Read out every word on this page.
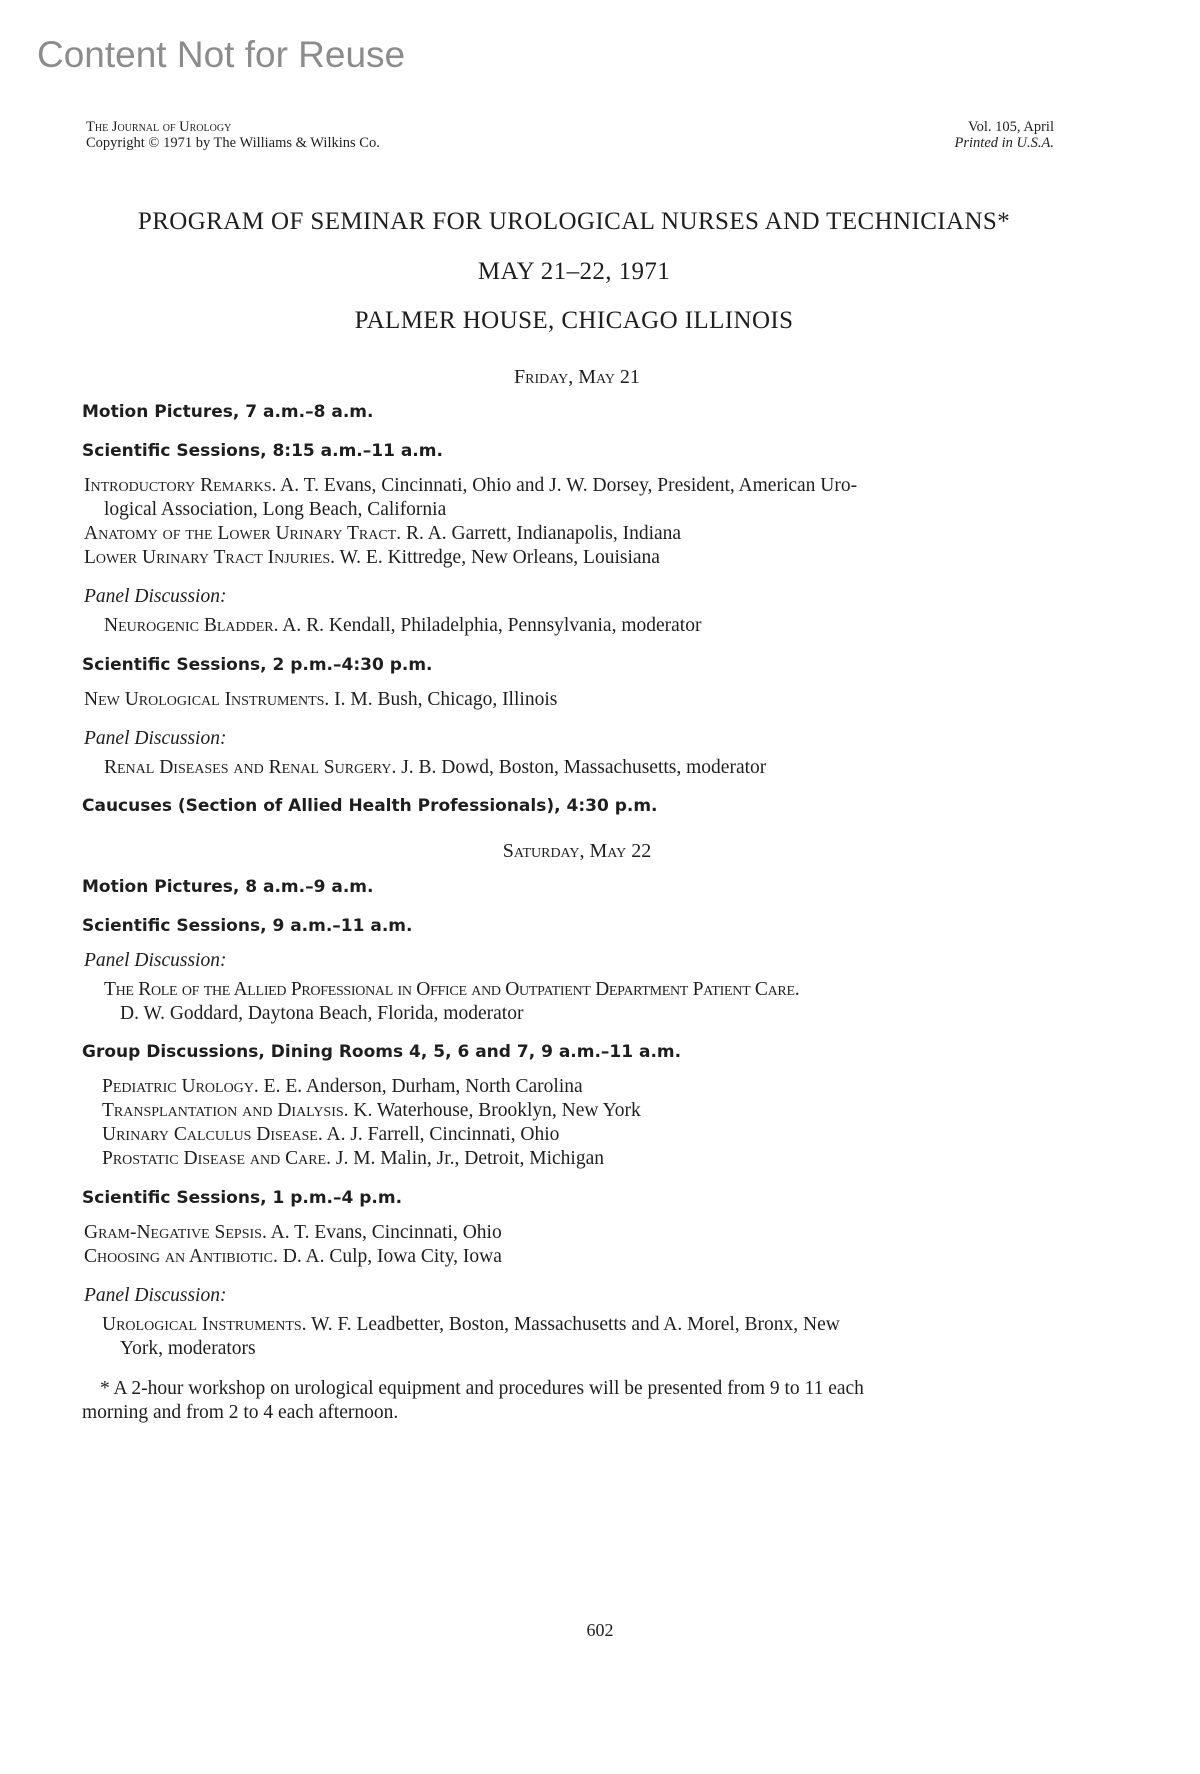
Content Not for Reuse
The Journal of Urology
Copyright © 1971 by The Williams & Wilkins Co.
Vol. 105, April
Printed in U.S.A.
PROGRAM OF SEMINAR FOR UROLOGICAL NURSES AND TECHNICIANS*
MAY 21–22, 1971
PALMER HOUSE, CHICAGO ILLINOIS
Friday, May 21
Motion Pictures, 7 a.m.–8 a.m.
Scientific Sessions, 8:15 a.m.–11 a.m.
Introductory Remarks. A. T. Evans, Cincinnati, Ohio and J. W. Dorsey, President, American Uro-
logical Association, Long Beach, California
Anatomy of the Lower Urinary Tract. R. A. Garrett, Indianapolis, Indiana
Lower Urinary Tract Injuries. W. E. Kittredge, New Orleans, Louisiana
Panel Discussion:
Neurogenic Bladder. A. R. Kendall, Philadelphia, Pennsylvania, moderator
Scientific Sessions, 2 p.m.–4:30 p.m.
New Urological Instruments. I. M. Bush, Chicago, Illinois
Panel Discussion:
Renal Diseases and Renal Surgery. J. B. Dowd, Boston, Massachusetts, moderator
Caucuses (Section of Allied Health Professionals), 4:30 p.m.
Saturday, May 22
Motion Pictures, 8 a.m.–9 a.m.
Scientific Sessions, 9 a.m.–11 a.m.
Panel Discussion:
The Role of the Allied Professional in Office and Outpatient Department Patient Care.
D. W. Goddard, Daytona Beach, Florida, moderator
Group Discussions, Dining Rooms 4, 5, 6 and 7, 9 a.m.–11 a.m.
Pediatric Urology. E. E. Anderson, Durham, North Carolina
Transplantation and Dialysis. K. Waterhouse, Brooklyn, New York
Urinary Calculus Disease. A. J. Farrell, Cincinnati, Ohio
Prostatic Disease and Care. J. M. Malin, Jr., Detroit, Michigan
Scientific Sessions, 1 p.m.–4 p.m.
Gram-Negative Sepsis. A. T. Evans, Cincinnati, Ohio
Choosing an Antibiotic. D. A. Culp, Iowa City, Iowa
Panel Discussion:
Urological Instruments. W. F. Leadbetter, Boston, Massachusetts and A. Morel, Bronx, New
York, moderators
* A 2-hour workshop on urological equipment and procedures will be presented from 9 to 11 each
morning and from 2 to 4 each afternoon.
602
